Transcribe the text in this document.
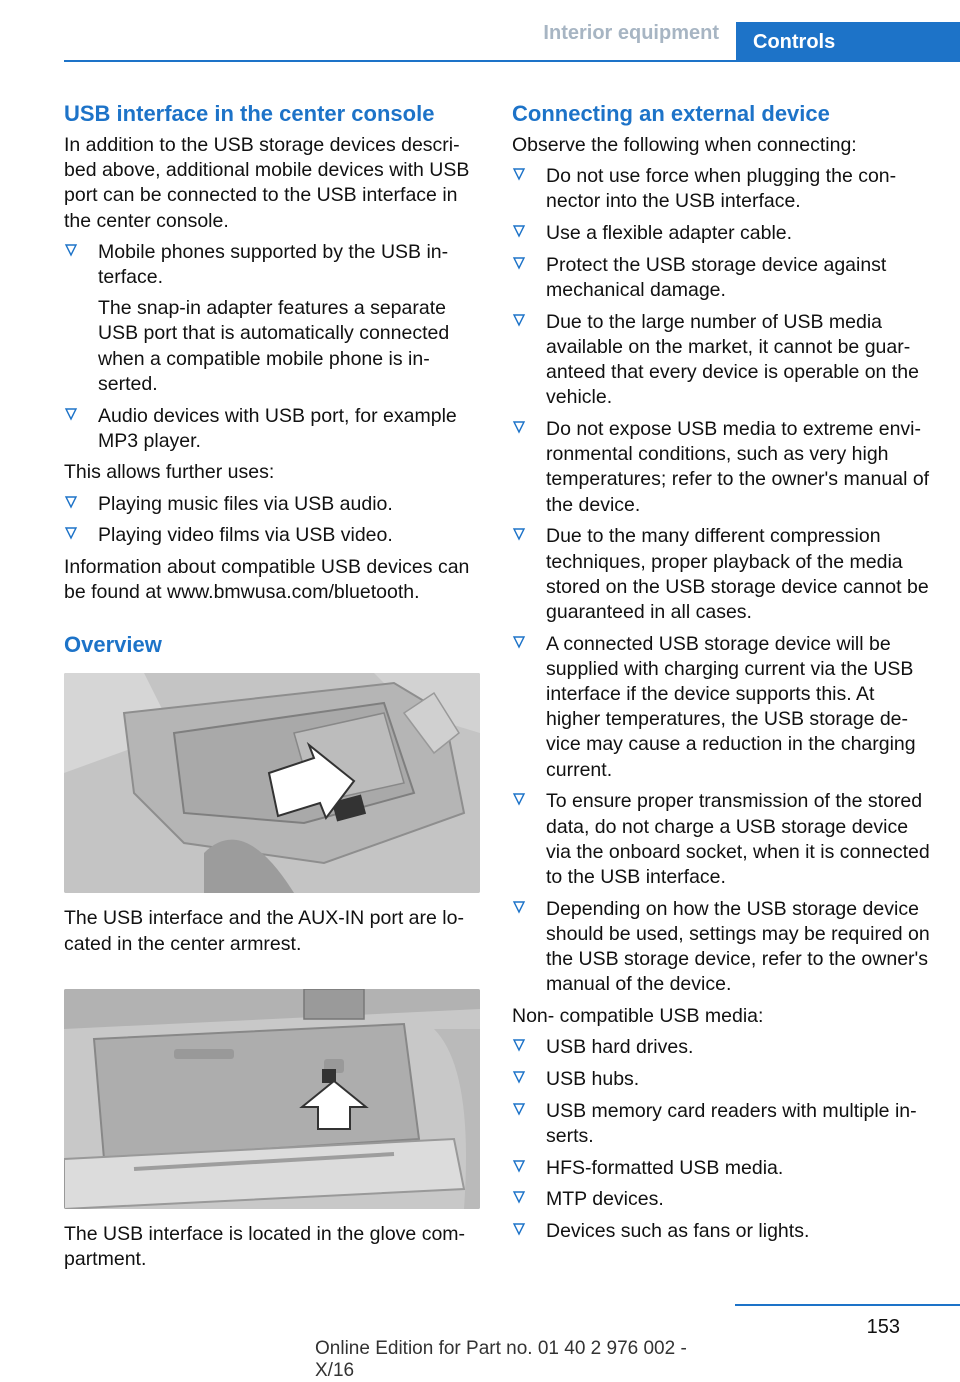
Interior equipment	Controls
USB interface in the center console

In addition to the USB storage devices descri-bed above, additional mobile devices with USB port can be connected to the USB interface in the center console.

Mobile phones supported by the USB in-terface.
The snap-in adapter features a separate USB port that is automatically connected when a compatible mobile phone is in-serted.
Audio devices with USB port, for example MP3 player.

This allows further uses:

Playing music files via USB audio.
Playing video films via USB video.

Information about compatible USB devices can be found at www.bmwusa.com/bluetooth.

Overview

The USB interface and the AUX-IN port are lo-cated in the center armrest.

The USB interface is located in the glove com-partment.

Connecting an external device

Observe the following when connecting:

Do not use force when plugging the con-nector into the USB interface.
Use a flexible adapter cable.
Protect the USB storage device against mechanical damage.
Due to the large number of USB media available on the market, it cannot be guar-anteed that every device is operable on the vehicle.
Do not expose USB media to extreme envi-ronmental conditions, such as very high temperatures; refer to the owner's manual of the device.
Due to the many different compression techniques, proper playback of the media stored on the USB storage device cannot be guaranteed in all cases.
A connected USB storage device will be supplied with charging current via the USB interface if the device supports this. At higher temperatures, the USB storage de-vice may cause a reduction in the charging current.
To ensure proper transmission of the stored data, do not charge a USB storage device via the onboard socket, when it is connected to the USB interface.
Depending on how the USB storage device should be used, settings may be required on the USB storage device, refer to the owner's manual of the device.

Non- compatible USB media:

USB hard drives.
USB hubs.
USB memory card readers with multiple in-serts.
HFS-formatted USB media.
MTP devices.
Devices such as fans or lights.
153
Online Edition for Part no. 01 40 2 976 002 - X/16
